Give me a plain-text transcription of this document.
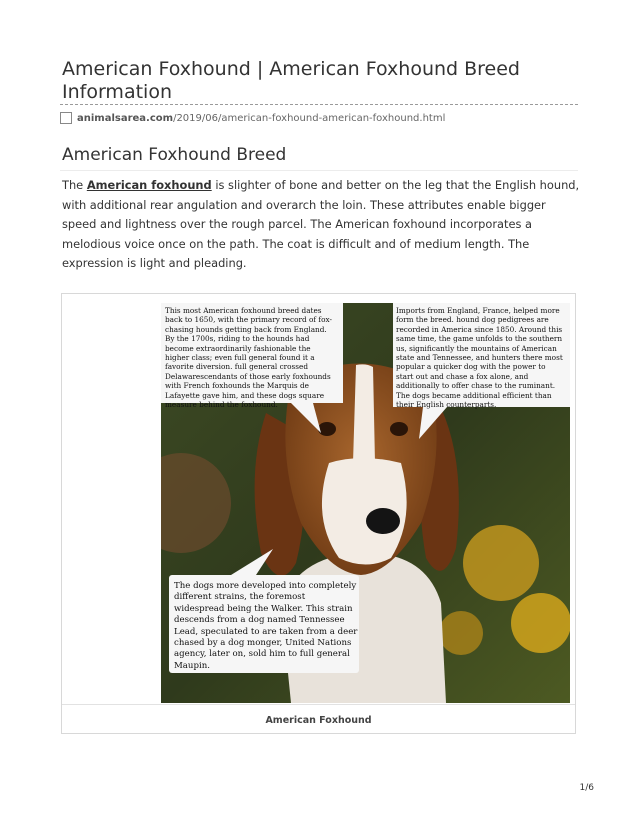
American Foxhound | American Foxhound Breed Information
animalsarea.com /2019/06/american-foxhound-american-foxhound.html
American Foxhound Breed

The American foxhound is slighter of bone and better on the leg that the English hound, with additional rear angulation and overarch the loin. These attributes enable bigger speed and lightness over the rough parcel. The American foxhound incorporates a melodious voice once on the path. The coat is difficult and of medium length. The expression is light and pleading.

This most American foxhound breed dates back to 1650, with the primary record of fox-chasing hounds getting back from England. By the 1700s, riding to the hounds had become extraordinarily fashionable the higher class; even full general found it a favorite diversion. full general crossed Delawarescendants of those early foxhounds with French foxhounds the Marquis de Lafayette gave him, and these dogs square measure behind the foxhound.
Imports from England, France, helped more form the breed. hound dog pedigrees are recorded in America since 1850. Around this same time, the game unfolds to the southern us, significantly the mountains of American state and Tennessee, and hunters there most popular a quicker dog with the power to start out and chase a fox alone, and additionally to offer chase to the ruminant. The dogs became additional efficient than their English counterparts.
The dogs more developed into completely different strains, the foremost widespread being the Walker. This strain descends from a dog named Tennessee Lead, speculated to are taken from a deer chased by a dog monger, United Nations agency, later on, sold him to full general Maupin.
American Foxhound
1/6
